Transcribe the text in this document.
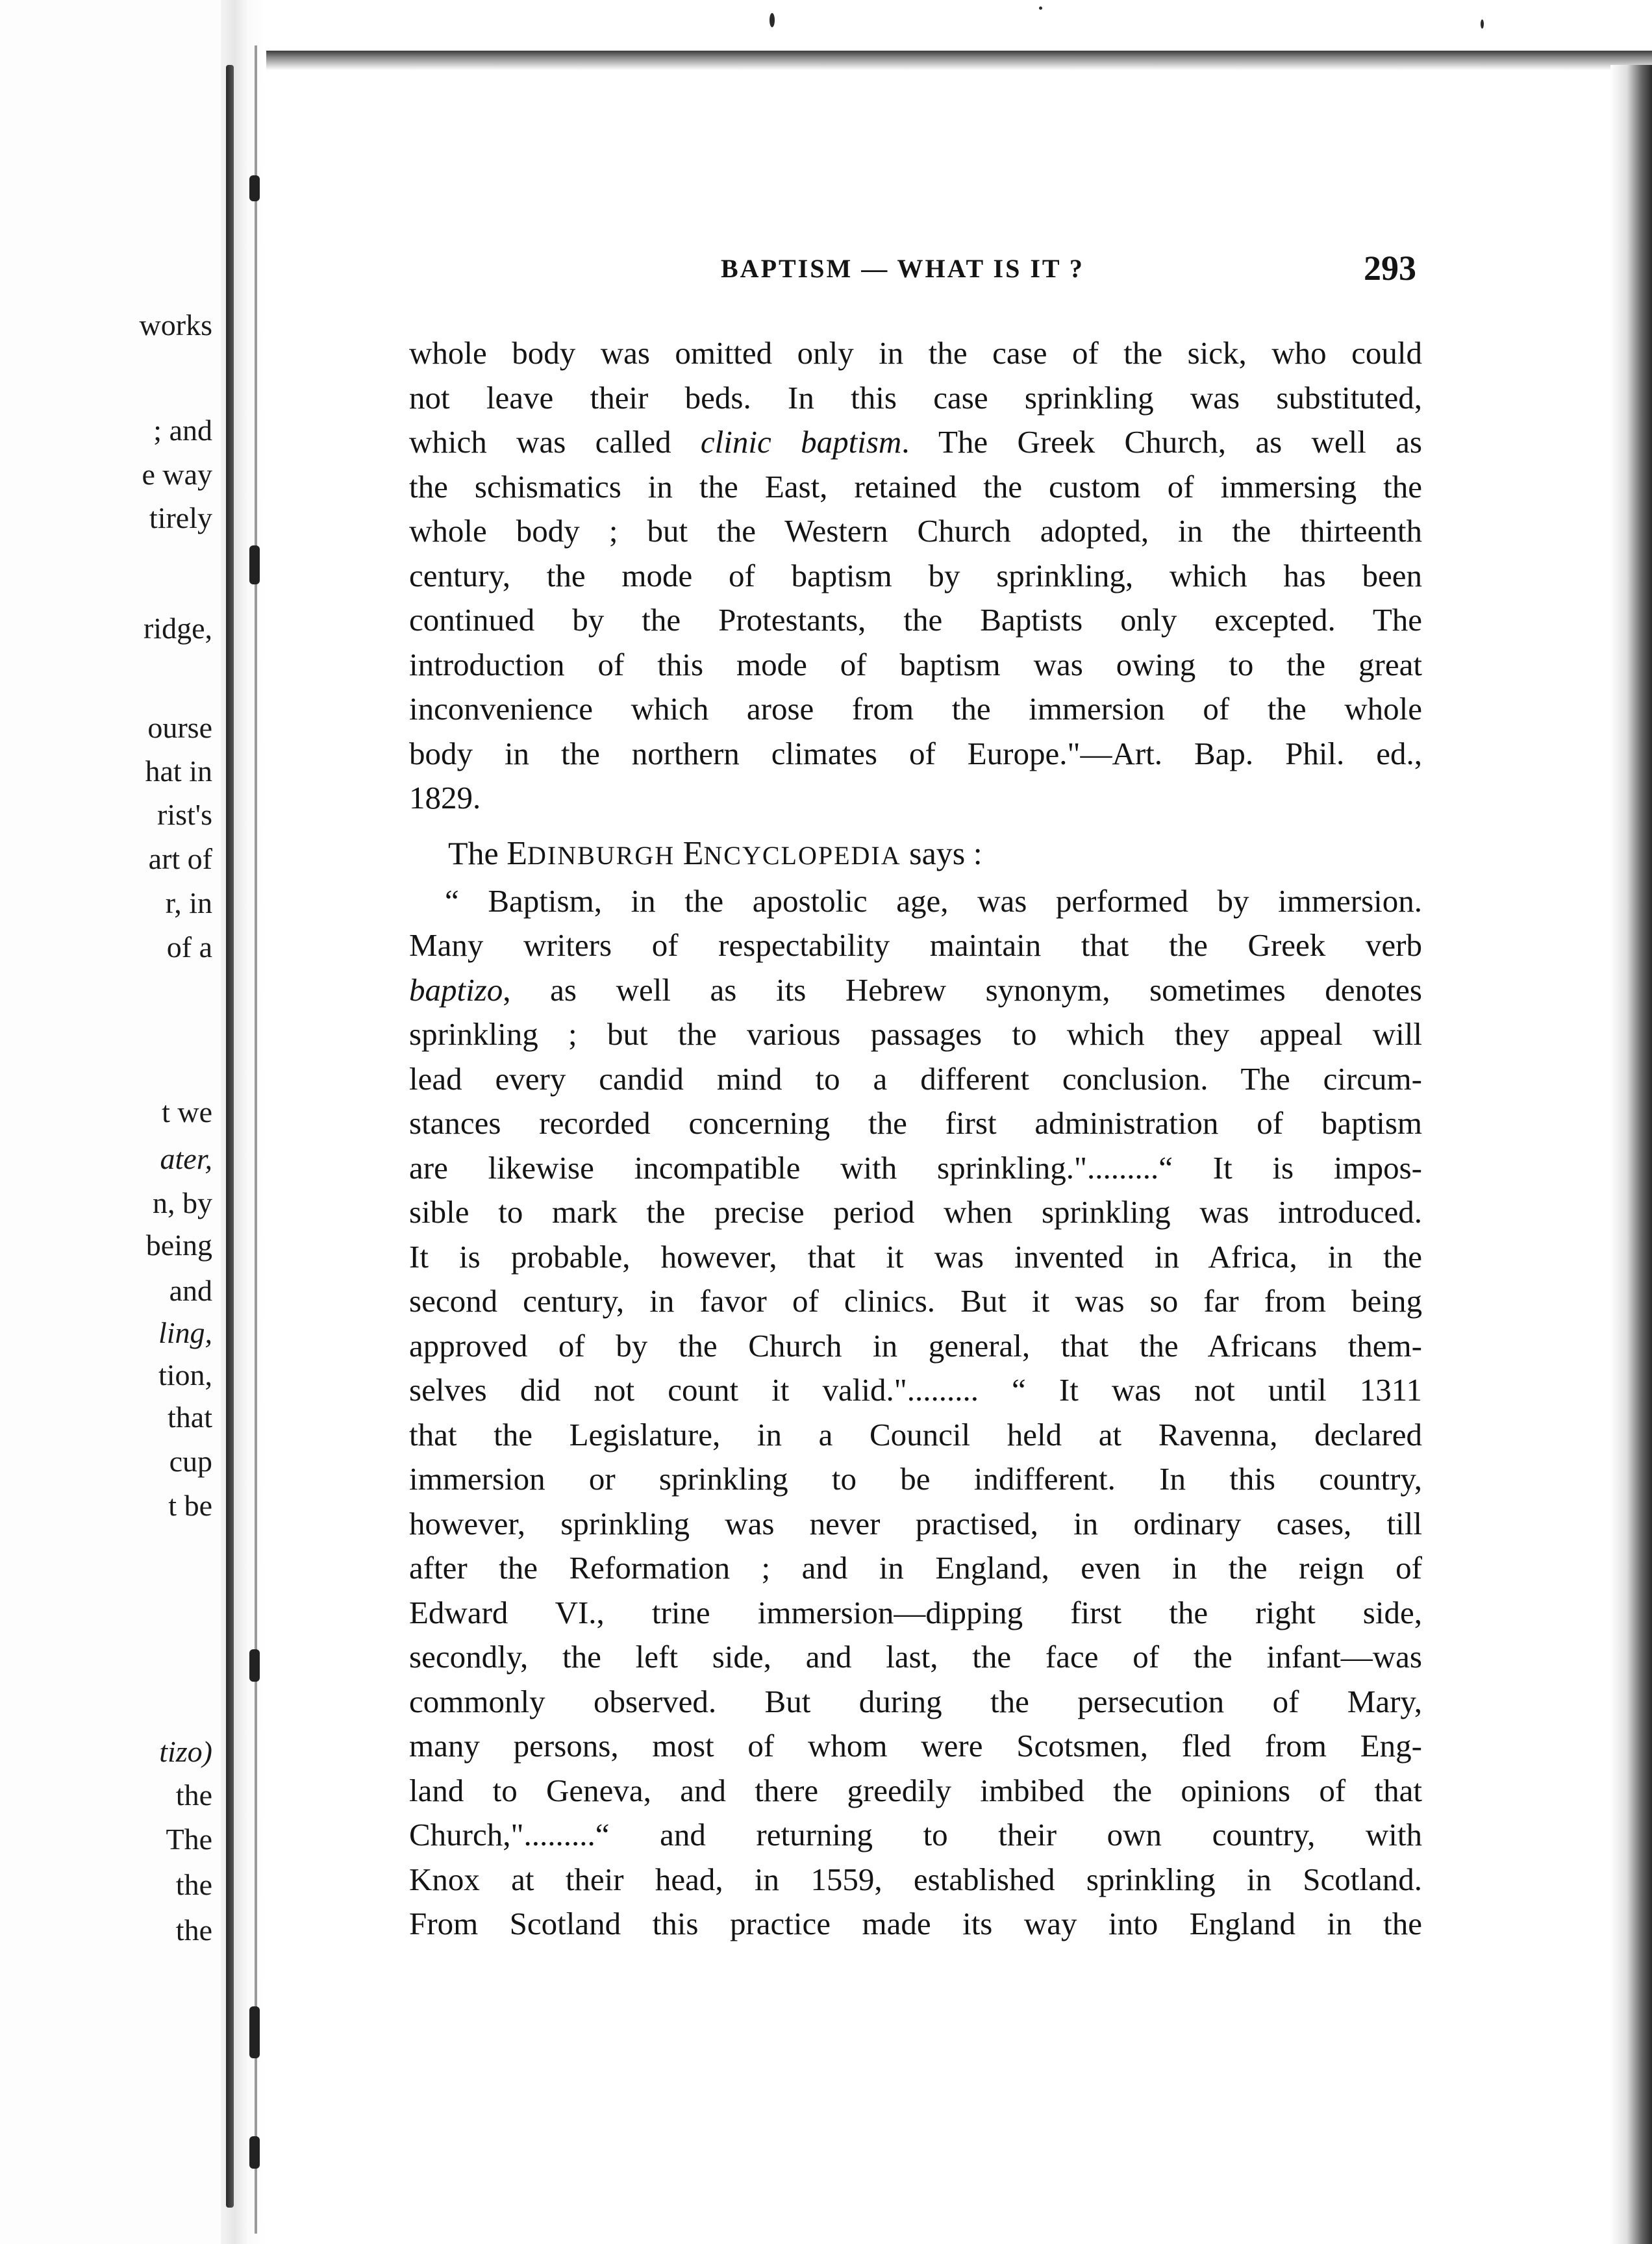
works
; and
e way
tirely
ridge,
ourse
hat in
rist's
art of
r, in
of a
t we
ater,
n, by
being
and
ling,
tion,
that
cup
t be
tizo)
the
The
the
the
BAPTISM — WHAT IS IT ?	293
whole body was omitted only in the case of the sick, who could
not leave their beds. In this case sprinkling was substituted,
which was called clinic baptism. The Greek Church, as well as
the schismatics in the East, retained the custom of immersing the
whole body ; but the Western Church adopted, in the thirteenth
century, the mode of baptism by sprinkling, which has been
continued by the Protestants, the Baptists only excepted. The
introduction of this mode of baptism was owing to the great
inconvenience which arose from the immersion of the whole
body in the northern climates of Europe."—Art. Bap. Phil. ed.,
1829.
The EDINBURGH ENCYCLOPEDIA says :
“ Baptism, in the apostolic age, was performed by immersion.
Many writers of respectability maintain that the Greek verb
baptizo, as well as its Hebrew synonym, sometimes denotes
sprinkling ; but the various passages to which they appeal will
lead every candid mind to a different conclusion. The circum-
stances recorded concerning the first administration of baptism
are likewise incompatible with sprinkling.".........“ It is impos-
sible to mark the precise period when sprinkling was introduced.
It is probable, however, that it was invented in Africa, in the
second century, in favor of clinics. But it was so far from being
approved of by the Church in general, that the Africans them-
selves did not count it valid."......... “ It was not until 1311
that the Legislature, in a Council held at Ravenna, declared
immersion or sprinkling to be indifferent. In this country,
however, sprinkling was never practised, in ordinary cases, till
after the Reformation ; and in England, even in the reign of
Edward VI., trine immersion—dipping first the right side,
secondly, the left side, and last, the face of the infant—was
commonly observed. But during the persecution of Mary,
many persons, most of whom were Scotsmen, fled from Eng-
land to Geneva, and there greedily imbibed the opinions of that
Church,".........“ and returning to their own country, with
Knox at their head, in 1559, established sprinkling in Scotland.
From Scotland this practice made its way into England in the
